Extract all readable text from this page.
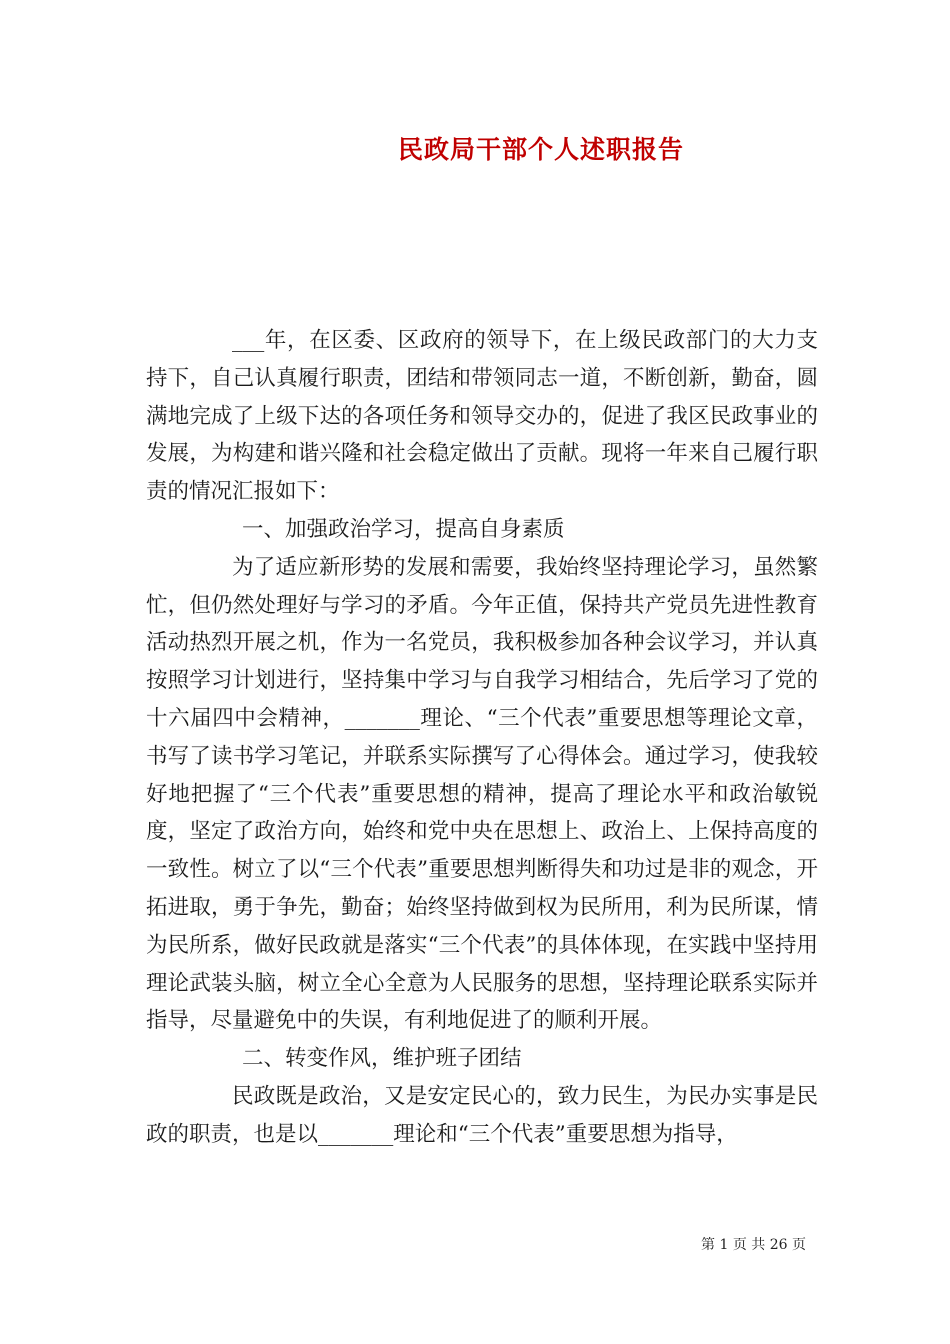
民政局干部个人述职报告

___年，在区委、区政府的领导下，在上级民政部门的大力支持下，自己认真履行职责，团结和带领同志一道，不断创新，勤奋，圆满地完成了上级下达的各项任务和领导交办的，促进了我区民政事业的发展，为构建和谐兴隆和社会稳定做出了贡献。现将一年来自己履行职责的情况汇报如下：

一、加强政治学习，提高自身素质

为了适应新形势的发展和需要，我始终坚持理论学习，虽然繁忙，但仍然处理好与学习的矛盾。今年正值，保持共产党员先进性教育活动热烈开展之机，作为一名党员，我积极参加各种会议学习，并认真按照学习计划进行，坚持集中学习与自我学习相结合，先后学习了党的十六届四中会精神，_______理论、“三个代表”重要思想等理论文章，书写了读书学习笔记，并联系实际撰写了心得体会。通过学习，使我较好地把握了“三个代表”重要思想的精神，提高了理论水平和政治敏锐度，坚定了政治方向，始终和党中央在思想上、政治上、上保持高度的一致性。树立了以“三个代表”重要思想判断得失和功过是非的观念，开拓进取，勇于争先，勤奋；始终坚持做到权为民所用，利为民所谋，情为民所系，做好民政就是落实“三个代表”的具体体现，在实践中坚持用理论武装头脑，树立全心全意为人民服务的思想，坚持理论联系实际并指导，尽量避免中的失误，有利地促进了的顺利开展。

二、转变作风，维护班子团结

民政既是政治，又是安定民心的，致力民生，为民办实事是民政的职责，也是以_______理论和“三个代表”重要思想为指导，

第 1 页 共 26 页
